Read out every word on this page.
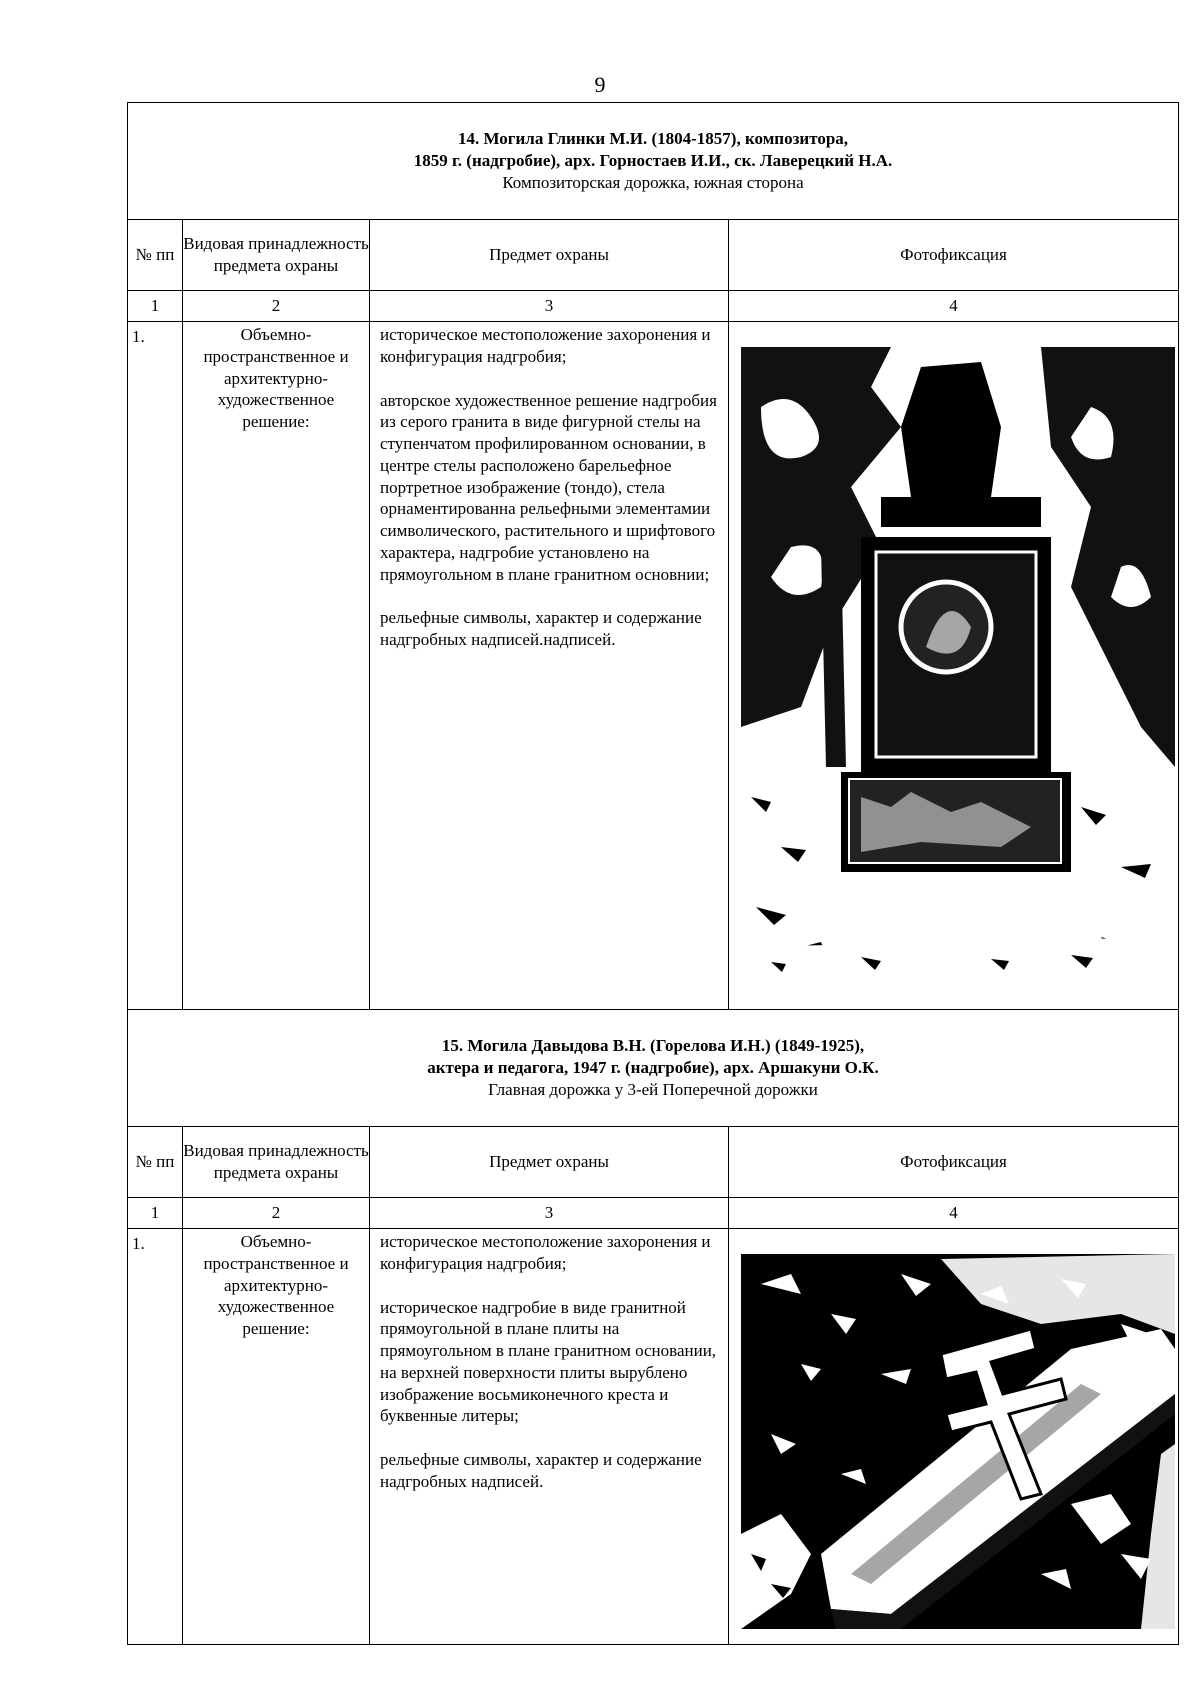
9
14. Могила Глинки М.И. (1804-1857), композитора,
1859 г. (надгробие), арх. Горностаев И.И., ск. Лаверецкий Н.А.
Композиторская дорожка, южная сторона			

№ пп	Видовая принадлежность предмета охраны	Предмет охраны	Фотофиксация
1	2	3	4
1.	Объемно-пространственное и архитектурно-художественное решение:	историческое местоположение захоронения и конфигурация надгробия;

авторское художественное решение надгробия из серого гранита в виде фигурной стелы на ступенчатом профилированном основании, в центре стелы расположено барельефное портретное изображение (тондо), стела орнаментированна рельефными элементамии символического, растительного и шрифтового характера, надгробие установлено на прямоугольном в плане гранитном основнии;

рельефные символы, характер и содержание надгробных надписей.надписей.

15. Могила Давыдова В.Н. (Горелова И.Н.) (1849-1925),
актера и педагога, 1947 г. (надгробие), арх. Аршакуни О.К.
Главная дорожка у 3-ей Поперечной дорожки			

№ пп	Видовая принадлежность предмета охраны	Предмет охраны	Фотофиксация
1	2	3	4
1.	Объемно-пространственное и архитектурно-художественное решение:	историческое местоположение захоронения и конфигурация надгробия;

историческое надгробие в виде гранитной прямоугольной в плане плиты на прямоугольном в плане гранитном основании, на верхней поверхности плиты вырублено изображение восьмиконечного креста и буквенные литеры;

рельефные символы, характер и содержание надгробных надписей.
